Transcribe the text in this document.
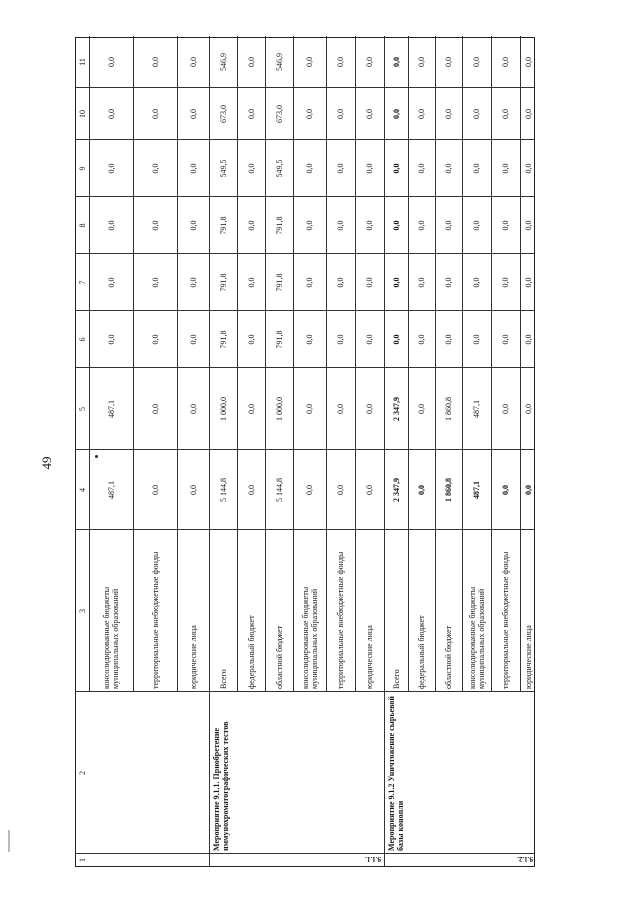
49
1
2
3
4
5
6
7
8
9
10
11
9.1.1.
Мероприятие 9.1.1. Приобретение иммунохроматографических тестов
9.1.2.
Мероприятие 9.1.2 Уничтожение сырьевой базы конопли
консолидированные бюджеты муниципальных образований
487,1
487,1
0,0
0,0
0,0
0,0
0,0
0,0
территориальные внебюджетные фонды
0,0
0,0
0,0
0,0
0,0
0,0
0,0
0,0
юридические лица
0,0
0,0
0,0
0,0
0,0
0,0
0,0
0,0
Всего
5 144,8
1 000,0
791,8
791,8
791,8
549,5
673,0
546,9
федеральный бюджет
0,0
0,0
0,0
0,0
0,0
0,0
0,0
0,0
областной бюджет
5 144,8
1 000,0
791,8
791,8
791,8
549,5
673,0
546,9
консолидированные бюджеты муниципальных образований
0,0
0,0
0,0
0,0
0,0
0,0
0,0
0,0
территориальные внебюджетные фонды
0,0
0,0
0,0
0,0
0,0
0,0
0,0
0,0
юридические лица
0,0
0,0
0,0
0,0
0,0
0,0
0,0
0,0
Всего
2 347,9
2 347,9
0,0
0,0
0,0
0,0
0,0
0,0
федеральный бюджет
0,0
0,0
0,0
0,0
0,0
0,0
0,0
0,0
областной бюджет
1 860,8
1 860,8
0,0
0,0
0,0
0,0
0,0
0,0
консолидированные бюджеты муниципальных образований
487,1
487,1
0,0
0,0
0,0
0,0
0,0
0,0
территориальные внебюджетные фонды
0,0
0,0
0,0
0,0
0,0
0,0
0,0
0,0
юридические лица
0,0
0,0
0,0
0,0
0,0
0,0
0,0
0,0
